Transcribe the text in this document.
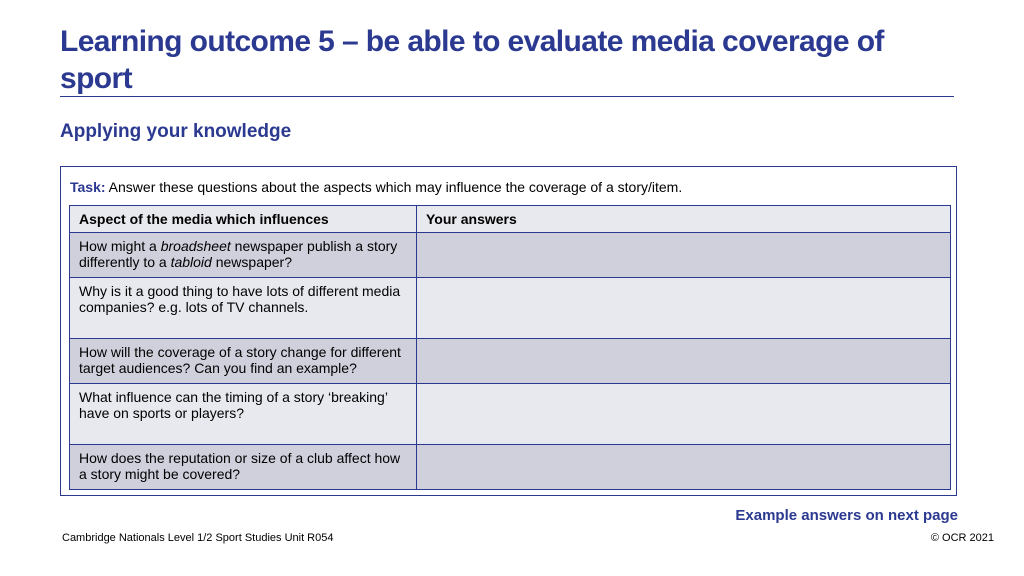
Learning outcome 5 – be able to evaluate media coverage of sport
Applying your knowledge
Task: Answer these questions about the aspects which may influence the coverage of a story/item.
Aspect of the media which influences	Your answers
How might a broadsheet newspaper publish a story differently to a tabloid newspaper?	
Why is it a good thing to have lots of different media companies? e.g. lots of TV channels.	
How will the coverage of a story change for different target audiences? Can you find an example?	
What influence can the timing of a story ‘breaking’ have on sports or players?	
How does the reputation or size of a club affect how a story might be covered?	
Example answers on next page
Cambridge Nationals Level 1/2 Sport Studies Unit R054	© OCR 2021
